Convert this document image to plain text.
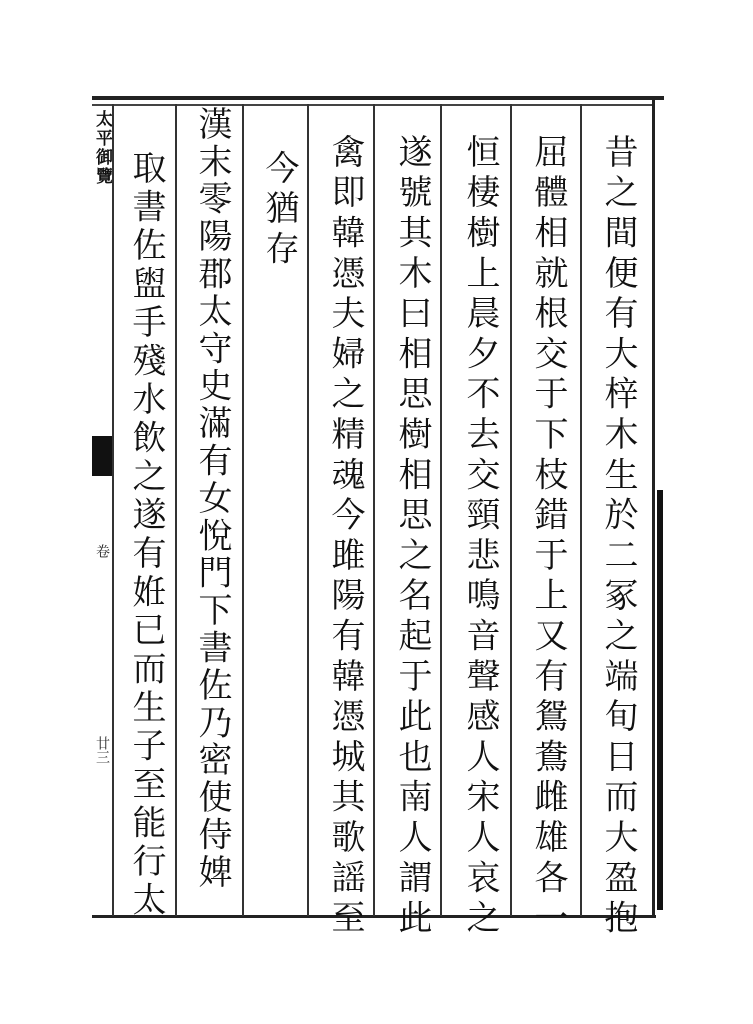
太平御覽
卷
廿三	昔之間便有大梓木生於二冢之端旬日而大盈抱
屈體相就根交于下枝錯于上又有鴛鴦雌雄各一
恒棲樹上晨夕不去交頸悲鳴音聲感人宋人哀之
遂號其木曰相思樹相思之名起于此也南人謂此
禽即韓憑夫婦之精魂今雎陽有韓憑城其歌謡至
今猶存
漢末零陽郡太守史滿有女悅門下書佐乃密使侍婢
取書佐盥手殘水飲之遂有姙已而生子至能行太
